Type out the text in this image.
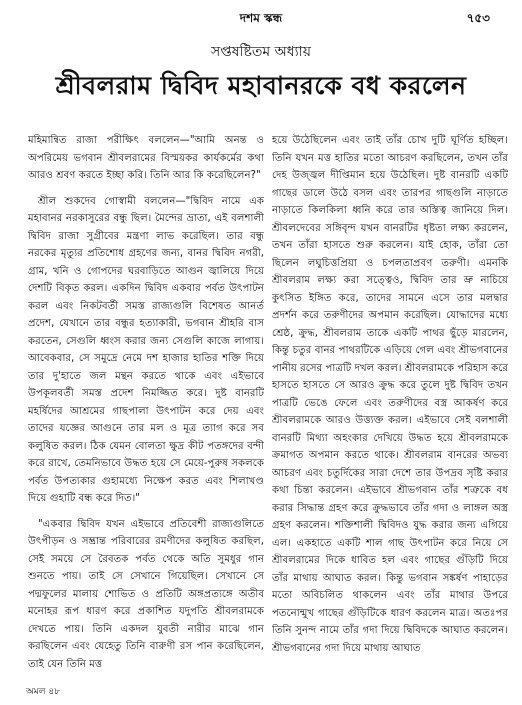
দশম স্কন্ধ	৭৫৩
সপ্তষষ্টিতম অধ্যায়
শ্রীবলরাম দ্বিবিদ মহাবানরকে বধ করলেন

মহিমান্বিত রাজা পরীক্ষিৎ বললেন—"আমি অনন্ত ও অপরিমেয় ভগবান শ্রীবলরামের বিস্ময়কর কার্যকর্মের কথা আরও শ্রবণ করতে ইচ্ছা করি। তিনি আর কি করেছিলেন?"

শ্রীল শুকদেব গোস্বামী বললেন—"দ্বিবিদ নামে এক মহাবানর নরকাসুরের বন্ধু ছিল। মৈন্দের ভ্রাতা, এই বলশালী দ্বিবিদ রাজা সুগ্রীবের মন্ত্রণা লাভ করেছিল। তার বন্ধু নরকের মৃত্যুর প্রতিশোধ গ্রহণের জন্য, বানর দ্বিবিদ নগরী, গ্রাম, খনি ও গোপদের ঘরবাড়িতে আগুন জ্বালিয়ে দিয়ে দেশটি বিকৃত করল। একদিন দ্বিবিদ একবার পর্বত উৎপাটন করল এবং নিকটবর্তী সমস্ত রাজ্যগুলি বিশেষত আনর্ত প্রদেশ, যেখানে তার বন্ধুর হত্যাকারী, ভগবান শ্রীহরি বাস করতেন, সেগুলি ধ্বংস করার জন্য সেগুলি কাজে লাগায়। আবেকবার, সে সমুদ্রে নেমে দশ হাজার হাতির শক্তি দিয়ে তার দু'হাতে জল মন্থন করতে থাকে এবং এইভাবে উপকূলবর্তী সমস্ত প্রদেশ নিমজ্জিত করে। দুষ্ট বানরটি মহর্ষিদের আশ্রমের গাছপালা উৎপাটন করে দেয় এবং তাদের যজ্ঞের আগুনে তার মল ও মূত্র ত্যাগ করে সব কলুষিত করল। ঠিক যেমন বোলতা ক্ষুদ্র কীট পতঙ্গদের বন্দী করে রাখে, তেমনিভাবে উদ্ধত হয়ে সে মেয়ে-পুরুষ সকলকে পর্বত উপত্যকার গুহামধ্যে নিক্ষেপ করত এবং শিলাখণ্ড দিয়ে গুহাটি বন্ধ করে দিত।"

"একবার দ্বিবিদ যখন এইভাবে প্রতিবেশী রাজ্যগুলিতে উৎপীড়ন ও সম্ভ্রান্ত পরিবারের রমণীদের কলুষিত করছিল, সেই সময়ে সে রৈবতক পর্বত থেকে অতি সুমধুর গান শুনতে পায়। তাই সে সেখানে গিয়েছিল। সেখানে সে পদ্মফুলের মালায় শোভিত ও প্রতিটি অঙ্গপ্রত্যঙ্গে অতীব মনোহর রূপ ধারণ করে প্রকাশিত যদুপতি শ্রীবলরামকে দেখতে পায়। তিনি একদল যুবতী নারীর মাঝে গান করছিলেন এবং যেহেতু তিনি বারুণী রস পান করেছিলেন, তাই যেন তিনি মত্ত

হয়ে উঠেছিলেন এবং তাই তাঁর চোখ দুটি ঘূর্ণিত হচ্ছিল। তিনি যখন মত্ত হাতির মতো আচরণ করছিলেন, তখন তাঁর দেহ উজ্জ্বল দীপ্তিমান হয়ে উঠেছিল। দুষ্ট বানরটি একটি গাছের ডালে উঠে বসল এবং তারপর গাছগুলি নাড়াতে নাড়াতে কিলকিলা ধ্বনি করে তার অস্তিত্ব জানিয়ে দিল। শ্রীবলদেবের সঙ্গিবৃন্দ যখন বানরটির ধৃষ্টতা লক্ষ্য করলেন, তখন তাঁরা হাসতে শুরু করলেন। যাই হোক, তাঁরা তো ছিলেন লঘুচিত্তপ্রিয়া ও চপলতাপ্রবণ তরুণী। এমনকি শ্রীবলরাম লক্ষ্য করা সত্ত্বেও, দ্বিবিদ তার ভ্রু নাচিয়ে কুৎসিত ইঙ্গিত করে, তাদের সামনে এসে তার মলদ্বার প্রদর্শন করে তরুণীদের অপমান করেছিল। যোদ্ধাদের মধ্যে শ্রেষ্ঠ, ক্রুদ্ধ, শ্রীবলরাম তাকে একটি পাথর ছুঁড়ে মারলেন, কিন্তু চতুর বানর পাথরটিকে এড়িয়ে গেল এবং শ্রীভগবানের পানীয় রসের পাত্রটি দখল করল। শ্রীবলরামকে পরিহাস করে হাসতে হাসতে সে আরও ক্রুদ্ধ করে তুলে দুষ্ট দ্বিবিদ তখন পাত্রটি ভেঙে ফেলে এবং তরুণীদের বস্ত্র আকর্ষণ করে শ্রীবলরামকে আরও উত্ত্যক্ত করল। এইভাবে সেই বলশালী বানরটি মিথ্যা অহংকার দেখিয়ে উদ্ধত হয়ে শ্রীবলরামকে ক্রমাগত অপমান করতে থাকে। শ্রীবলরাম বানরের অভব্য আচরণ এবং চতুর্দিকের সারা দেশে তার উপদ্রব সৃষ্টি করার কথা চিন্তা করলেন। এইভাবে শ্রীভগবান তাঁর শত্রুকে বধ করার সিদ্ধান্ত গ্রহণ করে ক্রুদ্ধভাবে তাঁর গদা ও লাঙ্গল অস্ত্র গ্রহণ করলেন। শক্তিশালী দ্বিবিদও যুদ্ধ করার জন্য এগিয়ে এল। একহাতে একটি শাল গাছ উৎপাটন করে নিয়ে সে শ্রীবলরামের দিকে ধাবিত হল এবং গাছের গুঁড়িটি দিয়ে তাঁর মাথায় আঘাত করল। কিন্তু ভগবান সঙ্কর্ষণ পাহাড়ের মতো অবিচলিত থাকলেন এবং তাঁর মাথার উপরে পতনোন্মুখ গাছের গুঁড়িটিকে ধারণ করলেন মাত্র। অতঃপর তিনি সুনন্দ নামে তাঁর গদা দিয়ে দ্বিবিদকে আঘাত করলেন। শ্রীভগবানের গদা দিয়ে মাথায় আঘাত

অমল ৪৮
